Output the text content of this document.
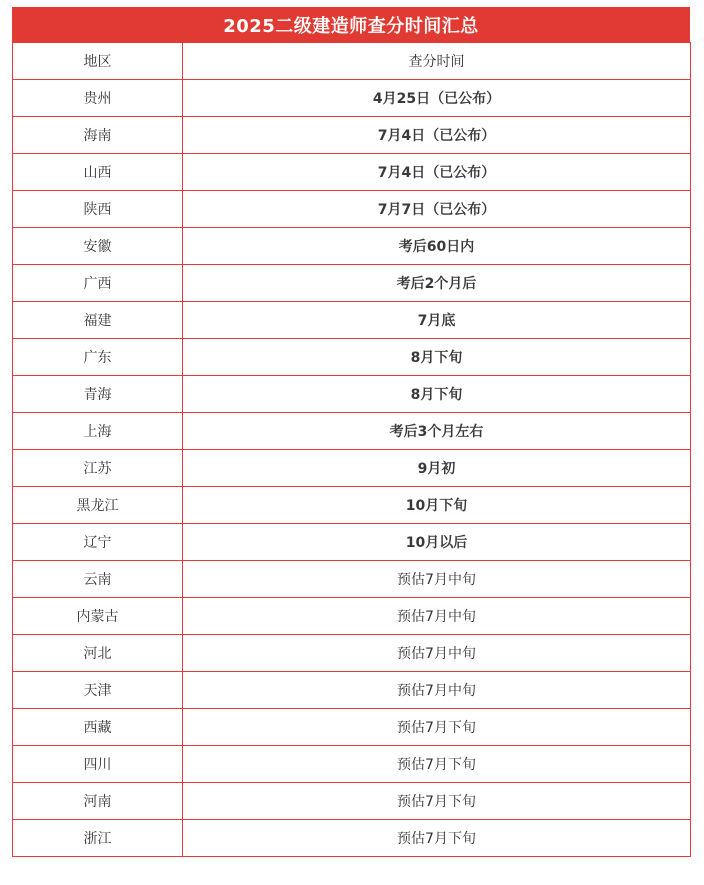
2025二级建造师查分时间汇总
地区	查分时间
贵州	4月25日（已公布）
海南	7月4日（已公布）
山西	7月4日（已公布）
陕西	7月7日（已公布）
安徽	考后60日内
广西	考后2个月后
福建	7月底
广东	8月下旬
青海	8月下旬
上海	考后3个月左右
江苏	9月初
黑龙江	10月下旬
辽宁	10月以后
云南	预估7月中旬
内蒙古	预估7月中旬
河北	预估7月中旬
天津	预估7月中旬
西藏	预估7月下旬
四川	预估7月下旬
河南	预估7月下旬
浙江	预估7月下旬
